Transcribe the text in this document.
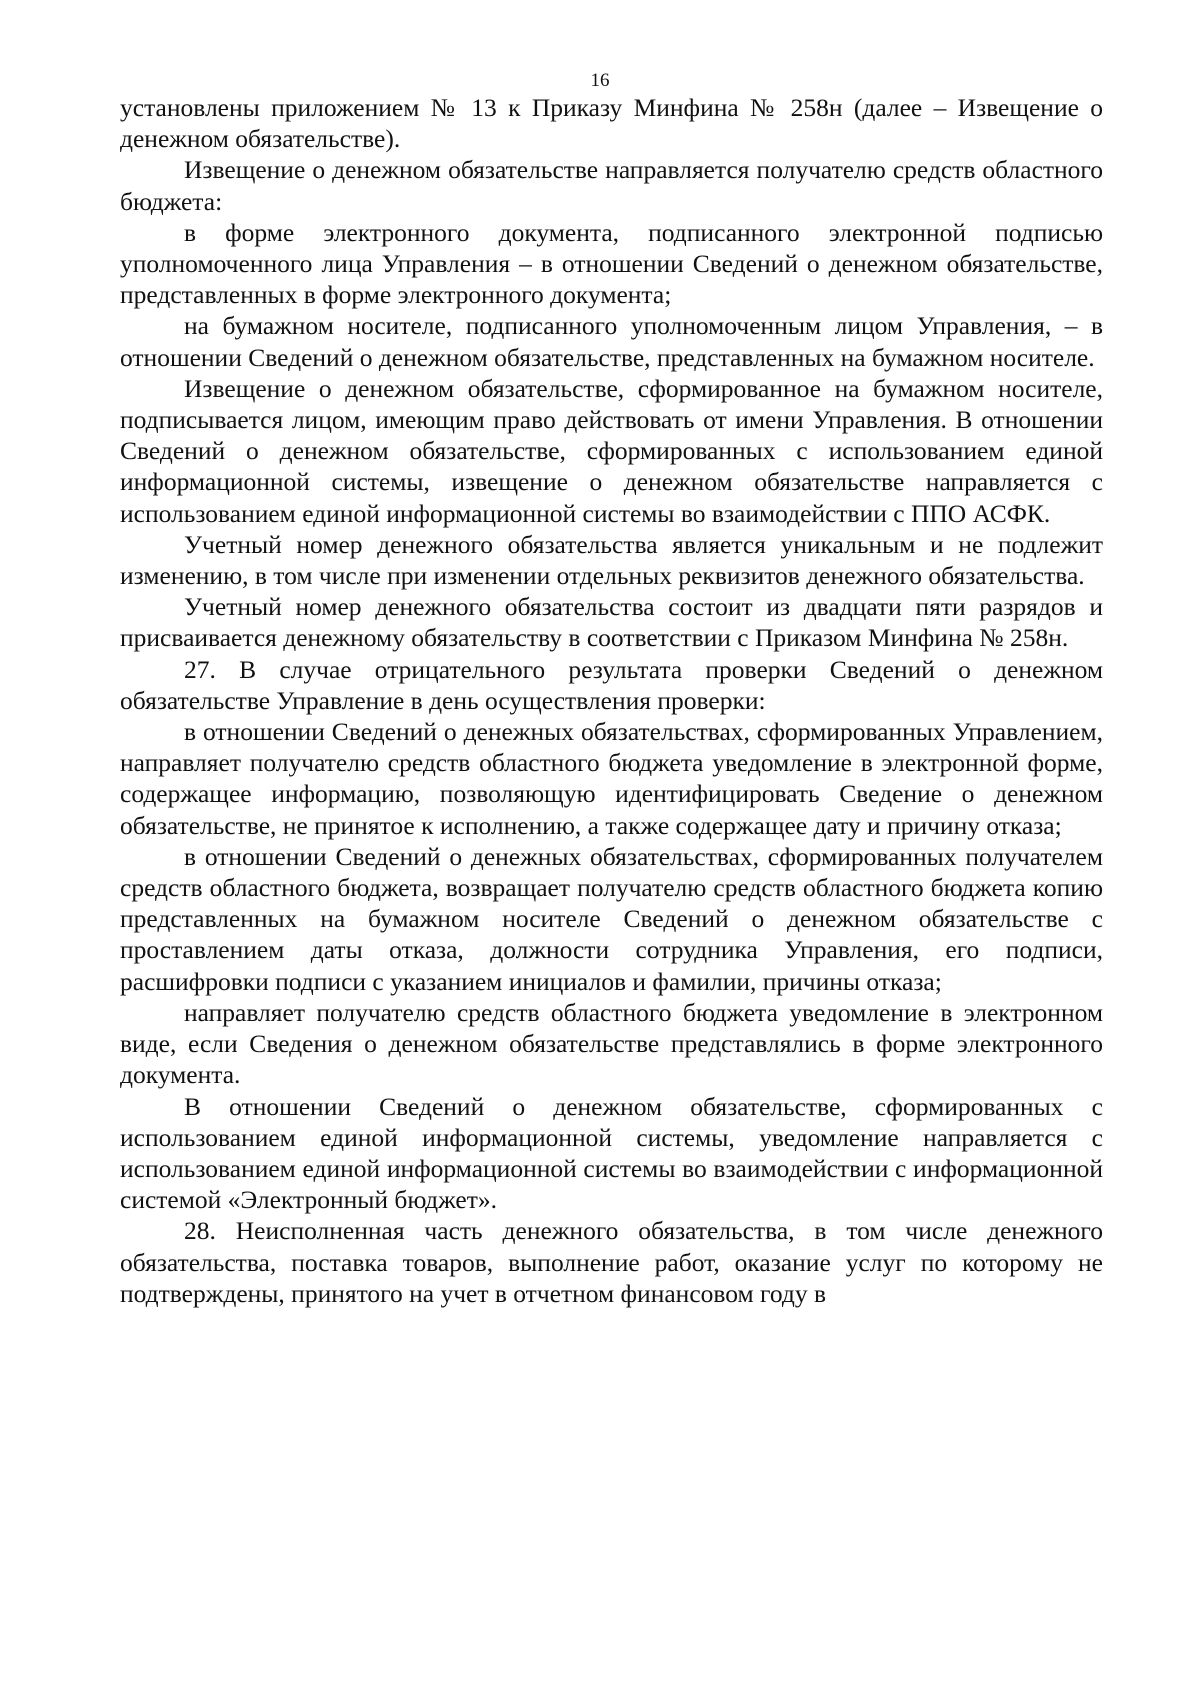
16

установлены приложением № 13 к Приказу Минфина № 258н (далее – Извещение о денежном обязательстве).

Извещение о денежном обязательстве направляется получателю средств областного бюджета:

в форме электронного документа, подписанного электронной подписью уполномоченного лица Управления – в отношении Сведений о денежном обязательстве, представленных в форме электронного документа;

на бумажном носителе, подписанного уполномоченным лицом Управления, – в отношении Сведений о денежном обязательстве, представленных на бумажном носителе.

Извещение о денежном обязательстве, сформированное на бумажном носителе, подписывается лицом, имеющим право действовать от имени Управления. В отношении Сведений о денежном обязательстве, сформированных с использованием единой информационной системы, извещение о денежном обязательстве направляется с использованием единой информационной системы во взаимодействии с ППО АСФК.

Учетный номер денежного обязательства является уникальным и не подлежит изменению, в том числе при изменении отдельных реквизитов денежного обязательства.

Учетный номер денежного обязательства состоит из двадцати пяти разрядов и присваивается денежному обязательству в соответствии с Приказом Минфина № 258н.

27. В случае отрицательного результата проверки Сведений о денежном обязательстве Управление в день осуществления проверки:

в отношении Сведений о денежных обязательствах, сформированных Управлением, направляет получателю средств областного бюджета уведомление в электронной форме, содержащее информацию, позволяющую идентифицировать Сведение о денежном обязательстве, не принятое к исполнению, а также содержащее дату и причину отказа;

в отношении Сведений о денежных обязательствах, сформированных получателем средств областного бюджета, возвращает получателю средств областного бюджета копию представленных на бумажном носителе Сведений о денежном обязательстве с проставлением даты отказа, должности сотрудника Управления, его подписи, расшифровки подписи с указанием инициалов и фамилии, причины отказа;

направляет получателю средств областного бюджета уведомление в электронном виде, если Сведения о денежном обязательстве представлялись в форме электронного документа.

В отношении Сведений о денежном обязательстве, сформированных с использованием единой информационной системы, уведомление направляется с использованием единой информационной системы во взаимодействии с информационной системой «Электронный бюджет».

28. Неисполненная часть денежного обязательства, в том числе денежного обязательства, поставка товаров, выполнение работ, оказание услуг по которому не подтверждены, принятого на учет в отчетном финансовом году в
